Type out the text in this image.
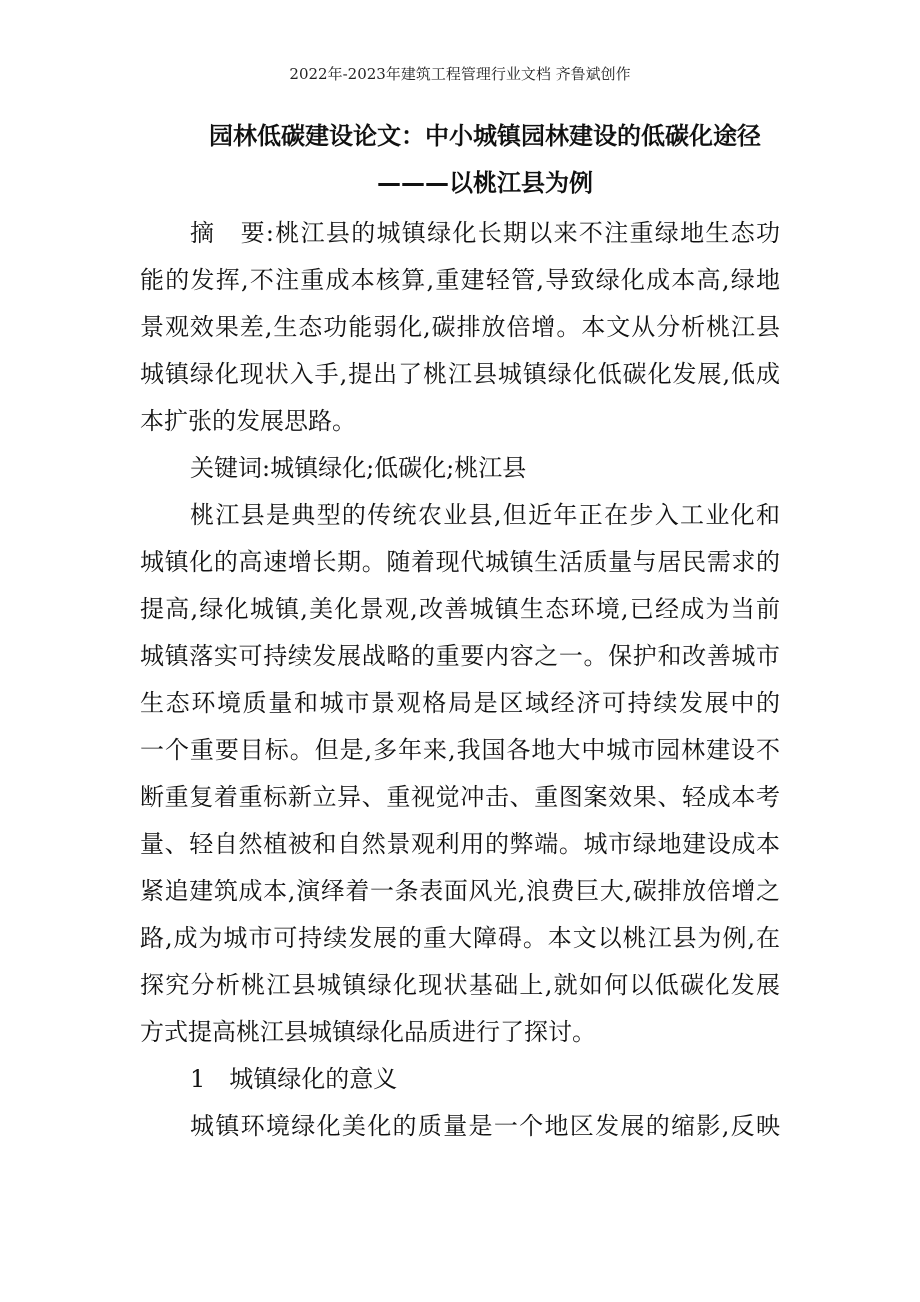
2022年-2023年建筑工程管理行业文档 齐鲁斌创作
园林低碳建设论文：中小城镇园林建设的低碳化途径
———以桃江县为例
摘 要:桃江县的城镇绿化长期以来不注重绿地生态功
能的发挥,不注重成本核算,重建轻管,导致绿化成本高,绿地
景观效果差,生态功能弱化,碳排放倍增。本文从分析桃江县
城镇绿化现状入手,提出了桃江县城镇绿化低碳化发展,低成
本扩张的发展思路。
关键词:城镇绿化;低碳化;桃江县
桃江县是典型的传统农业县,但近年正在步入工业化和
城镇化的高速增长期。随着现代城镇生活质量与居民需求的
提高,绿化城镇,美化景观,改善城镇生态环境,已经成为当前
城镇落实可持续发展战略的重要内容之一。保护和改善城市
生态环境质量和城市景观格局是区域经济可持续发展中的
一个重要目标。但是,多年来,我国各地大中城市园林建设不
断重复着重标新立异、重视觉冲击、重图案效果、轻成本考
量、轻自然植被和自然景观利用的弊端。城市绿地建设成本
紧追建筑成本,演绎着一条表面风光,浪费巨大,碳排放倍增之
路,成为城市可持续发展的重大障碍。本文以桃江县为例,在
探究分析桃江县城镇绿化现状基础上,就如何以低碳化发展
方式提高桃江县城镇绿化品质进行了探讨。
1 城镇绿化的意义
城镇环境绿化美化的质量是一个地区发展的缩影,反映
